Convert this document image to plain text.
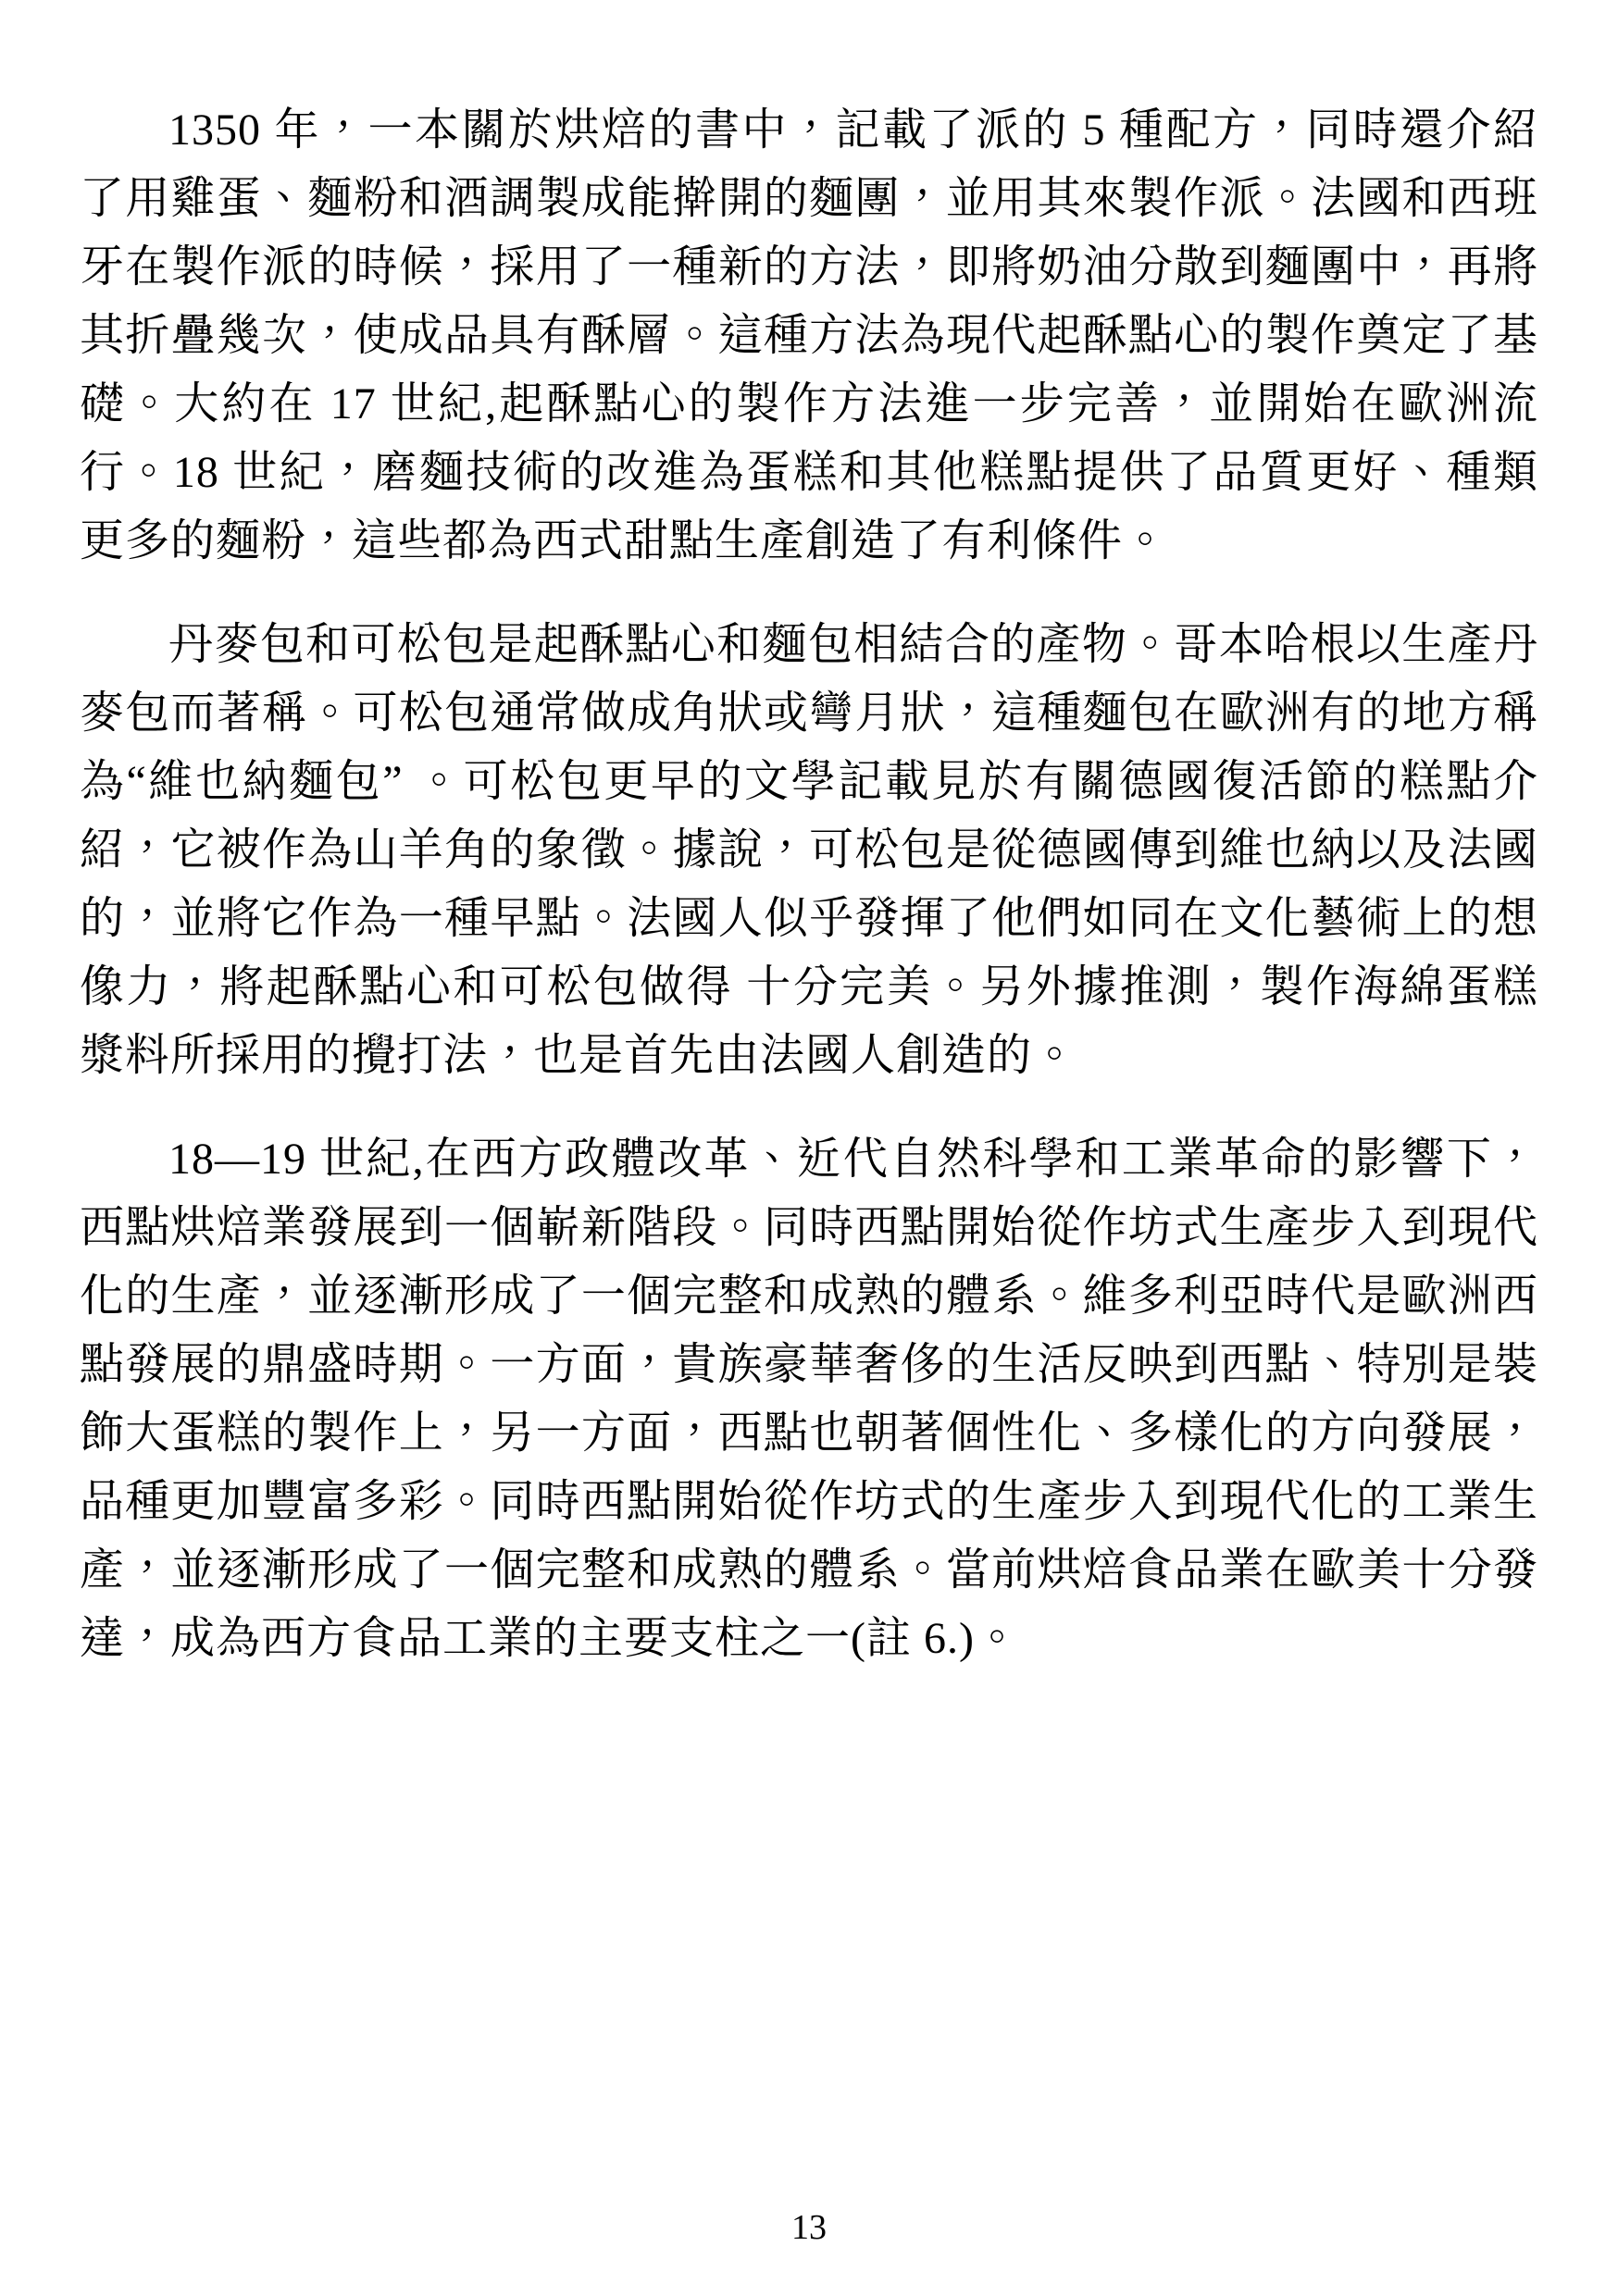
1350 年，一本關於烘焙的書中，記載了派的 5 種配方，同時還介紹了用雞蛋、麵粉和酒調製成能擀開的麵團，並用其來製作派。法國和西班牙在製作派的時候，採用了一種新的方法，即將奶油分散到麵團中，再將其折疊幾次，使成品具有酥層。這種方法為現代起酥點心的製作奠定了基礎。大約在 17 世紀,起酥點心的製作方法進一步完善，並開始在歐洲流行。18 世紀，磨麵技術的改進為蛋糕和其他糕點提供了品質更好、種類更多的麵粉，這些都為西式甜點生產創造了有利條件。

丹麥包和可松包是起酥點心和麵包相結合的產物。哥本哈根以生產丹麥包而著稱。可松包通常做成角狀或彎月狀，這種麵包在歐洲有的地方稱為“維也納麵包” 。可松包更早的文學記載見於有關德國復活節的糕點介紹，它被作為山羊角的象徵。據說，可松包是從德國傳到維也納以及法國的，並將它作為一種早點。法國人似乎發揮了他們如同在文化藝術上的想像力，將起酥點心和可松包做得 十分完美。另外據推測，製作海綿蛋糕漿料所採用的攪打法，也是首先由法國人創造的。

18—19 世紀,在西方政體改革、近代自然科學和工業革命的影響下，西點烘焙業發展到一個嶄新階段。同時西點開始從作坊式生產步入到現代化的生產，並逐漸形成了一個完整和成熟的體系。維多利亞時代是歐洲西點發展的鼎盛時期。一方面，貴族豪華奢侈的生活反映到西點、特別是裝飾大蛋糕的製作上，另一方面，西點也朝著個性化、多樣化的方向發展，品種更加豐富多彩。同時西點開始從作坊式的生產步入到現代化的工業生產，並逐漸形成了一個完整和成熟的體系。當前烘焙食品業在歐美十分發達，成為西方食品工業的主要支柱之一(註 6.)。

13
